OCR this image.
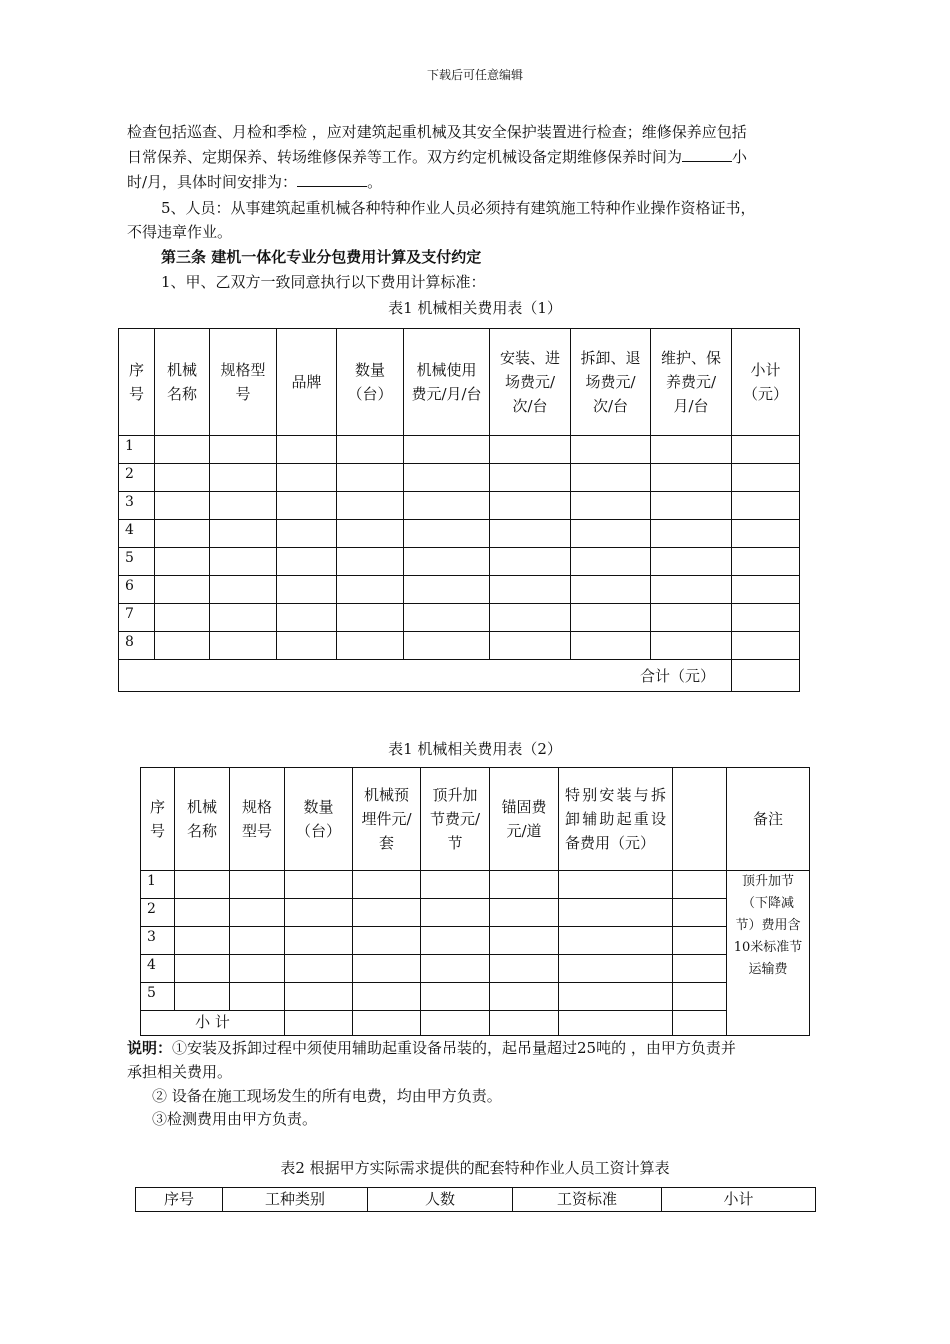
下载后可任意编辑
检查包括巡查、月检和季检 ，应对建筑起重机械及其安全保护装置进行检查；维修保养应包括
日常保养、定期保养、转场维修保养等工作。双方约定机械设备定期维修保养时间为	小
时/月，具体时间安排为：	。
5、人员：从事建筑起重机械各种特种作业人员必须持有建筑施工特种作业操作资格证书，
不得违章作业。
第三条 建机一体化专业分包费用计算及支付约定
1、甲、乙双方一致同意执行以下费用计算标准：
表1 机械相关费用表（1）
序号	机械名称	规格型号	品牌	数量（台）	机械使用费元/月/台	安装、进场费元/次/台	拆卸、退场费元/次/台	维护、保养费元/月/台	小计（元）
1									
2									
3									
4									
5									
6									
7									
8									
合计（元）									
表1 机械相关费用表（2）
序号	机械名称	规格型号	数量（台）	机械预埋件元/套	顶升加节费元/节	锚固费元/道	特别安装与拆卸辅助起重设备费用（元）		备注
1									顶升加节（下降减节）费用含10米标准节运输费
2									
3									
4									
5									
小 计									
说明：①安装及拆卸过程中须使用辅助起重设备吊装的，起吊量超过25吨的 ，由甲方负责并
承担相关费用。
② 设备在施工现场发生的所有电费，均由甲方负责。
③检测费用由甲方负责。
表2 根据甲方实际需求提供的配套特种作业人员工资计算表
序号	工种类别	人数	工资标准	小计
